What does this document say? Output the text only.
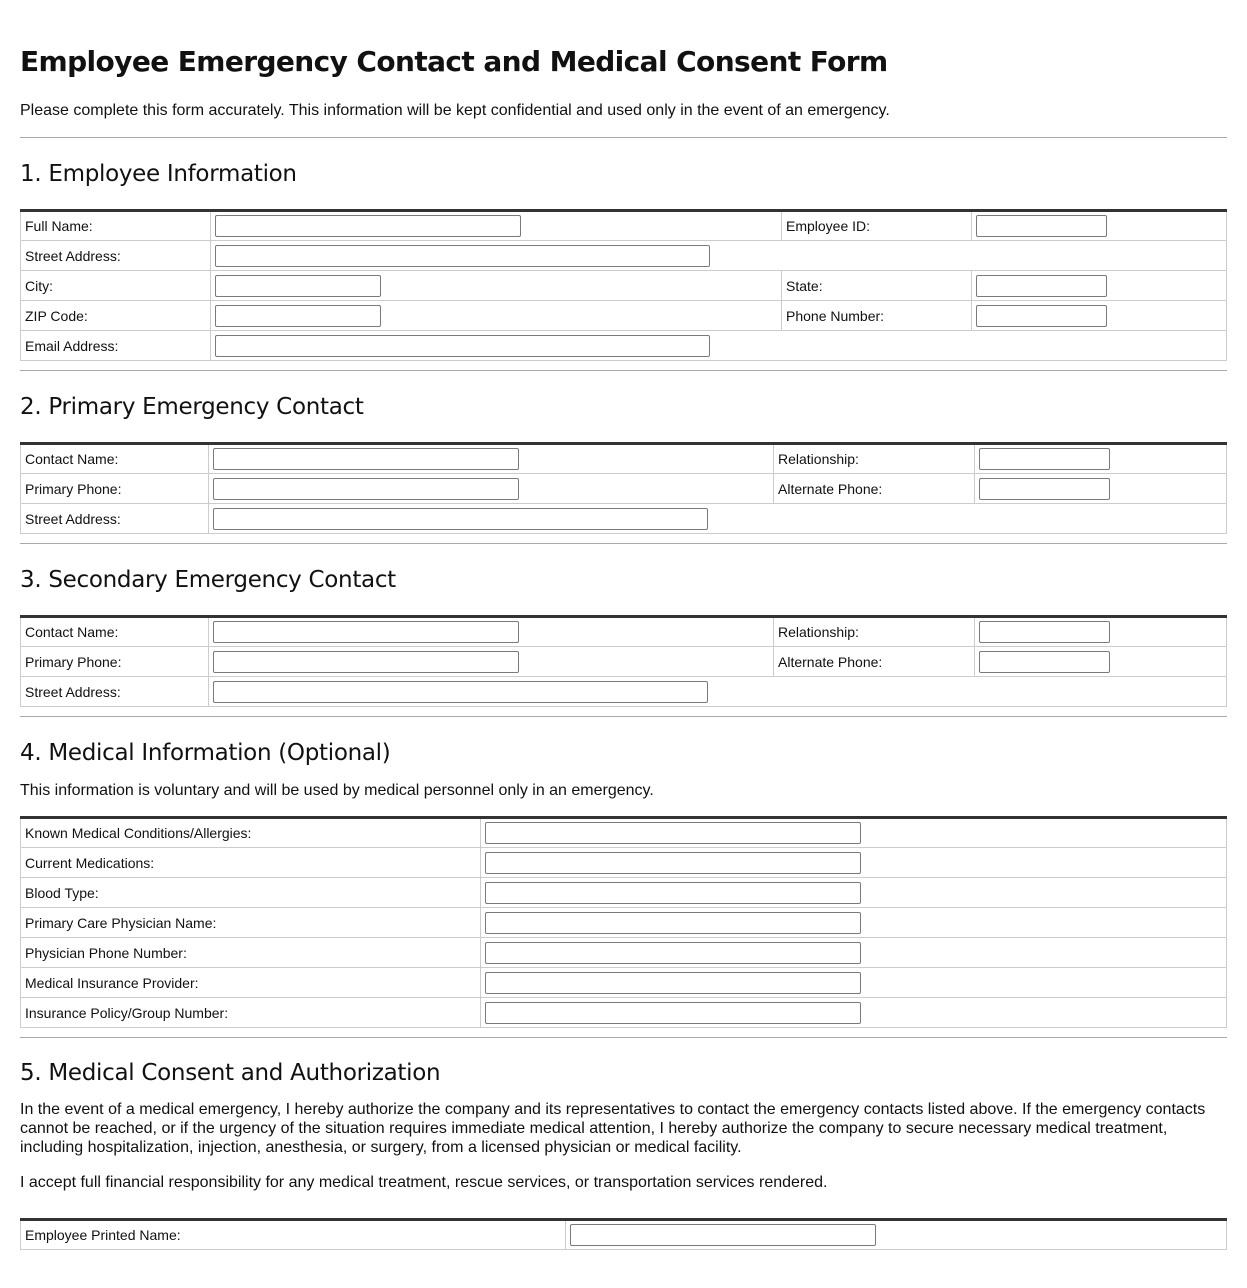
Employee Emergency Contact and Medical Consent Form

Please complete this form accurately. This information will be kept confidential and used only in the event of an emergency.

1. Employee Information
Full Name:		Employee ID:	
Street Address:			
City:		State:	
ZIP Code:		Phone Number:	
Email Address:			
2. Primary Emergency Contact
Contact Name:		Relationship:	
Primary Phone:		Alternate Phone:	
Street Address:			
3. Secondary Emergency Contact
Contact Name:		Relationship:	
Primary Phone:		Alternate Phone:	
Street Address:			
4. Medical Information (Optional)

This information is voluntary and will be used by medical personnel only in an emergency.

Known Medical Conditions/Allergies:	
Current Medications:	
Blood Type:	
Primary Care Physician Name:	
Physician Phone Number:	
Medical Insurance Provider:	
Insurance Policy/Group Number:	
5. Medical Consent and Authorization

In the event of a medical emergency, I hereby authorize the company and its representatives to contact the emergency contacts listed above. If the emergency contacts cannot be reached, or if the urgency of the situation requires immediate medical attention, I hereby authorize the company to secure necessary medical treatment, including hospitalization, injection, anesthesia, or surgery, from a licensed physician or medical facility.

I accept full financial responsibility for any medical treatment, rescue services, or transportation services rendered.

Employee Printed Name:	
